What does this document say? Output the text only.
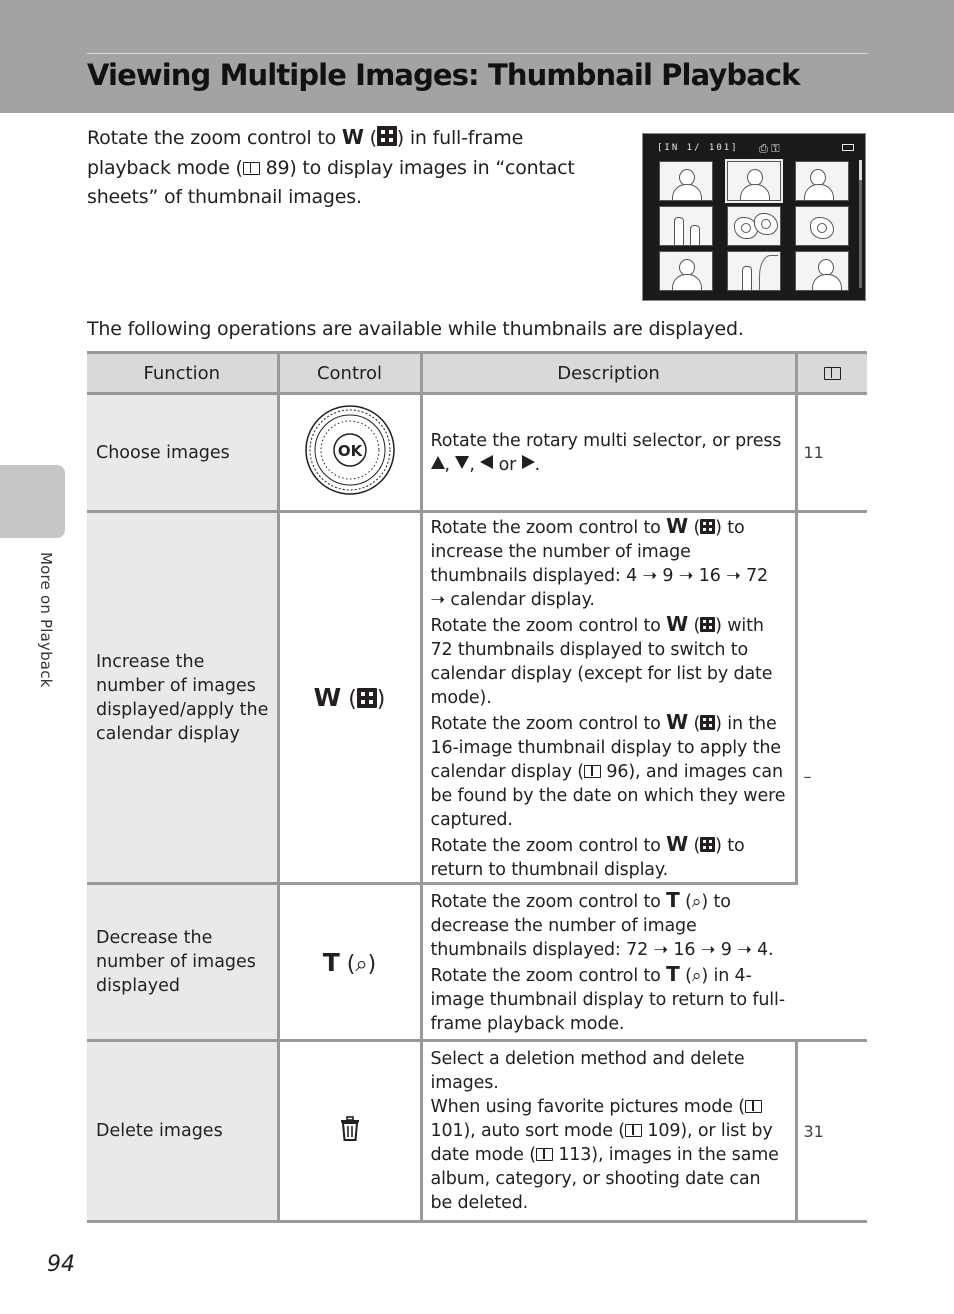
Viewing Multiple Images: Thumbnail Playback
Rotate the zoom control to W ( ) in full-frame playback mode ( 89) to display images in “contact sheets” of thumbnail images.
[IN 1/ 101] ⎙ ⚿
The following operations are available while thumbnails are displayed.
Function	Control	Description	
Choose images	OK	Rotate the rotary multi selector, or press
, ,  or .	11
Increase the number of images displayed/apply the calendar display	W ( )	Rotate the zoom control to W ( ) to increase the number of image thumbnails displayed: 4 ➝ 9 ➝ 16 ➝ 72 ➝ calendar display.
Rotate the zoom control to W ( ) with 72 thumbnails displayed to switch to calendar display (except for list by date mode).
Rotate the zoom control to W ( ) in the 16-image thumbnail display to apply the calendar display ( 96), and images can be found by the date on which they were captured.
Rotate the zoom control to W ( ) to return to thumbnail display.	–
Decrease the number of images displayed	T (⌕)	Rotate the zoom control to T (⌕) to decrease the number of image thumbnails displayed: 72 ➝ 16 ➝ 9 ➝ 4. Rotate the zoom control to T (⌕) in 4-image thumbnail display to return to full-frame playback mode.	
Delete images		Select a deletion method and delete images.
When using favorite pictures mode ( 101), auto sort mode ( 109), or list by date mode ( 113), images in the same album, category, or shooting date can be deleted.	31
More on Playback
94
